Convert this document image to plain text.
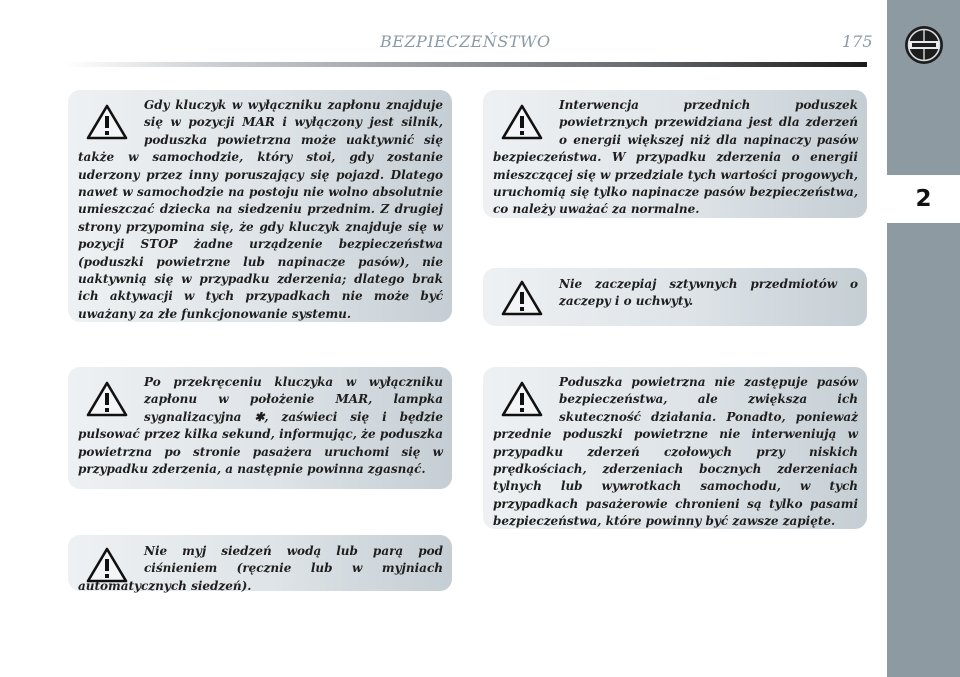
BEZPIECZEŃSTWO	175
2

Gdy kluczyk w wyłączniku zapłonu znajduje się w pozycji MAR i wyłączony jest silnik, poduszka powietrzna może uaktywnić się także w samochodzie, który stoi, gdy zostanie uderzony przez inny poruszający się pojazd. Dlatego nawet w samochodzie na postoju nie wolno absolutnie umieszczać dziecka na siedzeniu przednim. Z drugiej strony przypomina się, że gdy kluczyk znajduje się w pozycji STOP żadne urządzenie bezpieczeństwa (poduszki powietrzne lub napinacze pasów), nie uaktywnią się w przypadku zderzenia; dlatego brak ich aktywacji w tych przypadkach nie może być uważany za złe funkcjonowanie systemu.

Po przekręceniu kluczyka w wyłączniku zapłonu w położenie MAR, lampka sygnalizacyjna ✱, zaświeci się i będzie pulsować przez kilka sekund, informując, że poduszka powietrzna po stronie pasażera uruchomi się w przypadku zderzenia, a następnie powinna zgasnąć.

Nie myj siedzeń wodą lub parą pod ciśnieniem (ręcznie lub w myjniach automatycznych siedzeń).

Interwencja przednich poduszek powietrznych przewidziana jest dla zderzeń o energii większej niż dla napinaczy pasów bezpieczeństwa. W przypadku zderzenia o energii mieszczącej się w przedziale tych wartości progowych, uruchomią się tylko napinacze pasów bezpieczeństwa, co należy uważać za normalne.

Nie zaczepiaj sztywnych przedmiotów o zaczepy i o uchwyty.

Poduszka powietrzna nie zastępuje pasów bezpieczeństwa, ale zwiększa ich skuteczność działania. Ponadto, ponieważ przednie poduszki powietrzne nie interweniują w przypadku zderzeń czołowych przy niskich prędkościach, zderzeniach bocznych zderzeniach tylnych lub wywrotkach samochodu, w tych przypadkach pasażerowie chronieni są tylko pasami bezpieczeństwa, które powinny być zawsze zapięte.
